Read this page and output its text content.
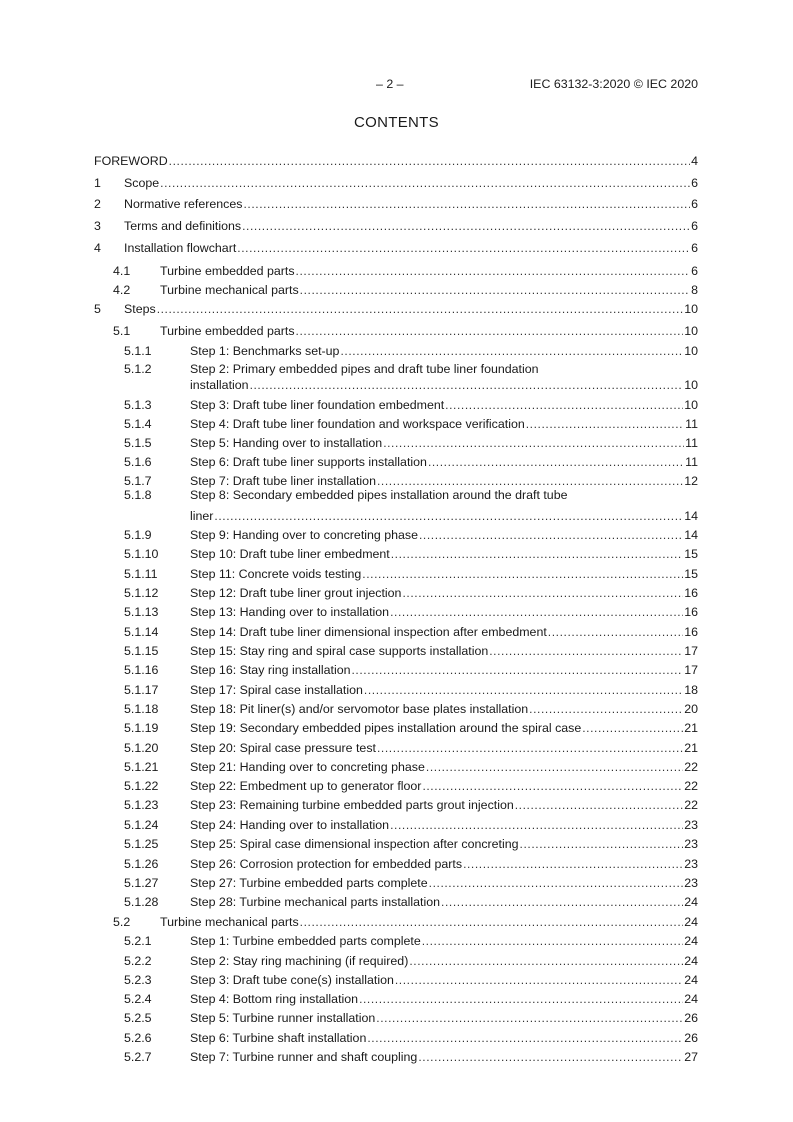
– 2 –	IEC 63132-3:2020 © IEC 2020
CONTENTS
FOREWORD .....	4
1 Scope .....	6
2 Normative references .....	6
3 Terms and definitions .....	6
4 Installation flowchart .....	6
4.1 Turbine embedded parts .....	6
4.2 Turbine mechanical parts .....	8
5 Steps .....	10
5.1 Turbine embedded parts .....	10
5.1.1	Step 1: Benchmarks set-up .....	10
5.1.2	Step 2: Primary embedded pipes and draft tube liner foundation
installation .....	10
5.1.3	Step 3: Draft tube liner foundation embedment .....	10
5.1.4	Step 4: Draft tube liner foundation and workspace verification .....	11
5.1.5	Step 5: Handing over to installation .....	11
5.1.6	Step 6: Draft tube liner supports installation .....	11
5.1.7	Step 7: Draft tube liner installation .....	12
5.1.8	Step 8: Secondary embedded pipes installation around the draft tube
liner .....	14
5.1.9	Step 9: Handing over to concreting phase .....	14
5.1.10	Step 10: Draft tube liner embedment .....	15
5.1.11	Step 11: Concrete voids testing .....	15
5.1.12	Step 12: Draft tube liner grout injection .....	16
5.1.13	Step 13: Handing over to installation .....	16
5.1.14	Step 14: Draft tube liner dimensional inspection after embedment .....	16
5.1.15	Step 15: Stay ring and spiral case supports installation .....	17
5.1.16	Step 16: Stay ring installation .....	17
5.1.17	Step 17: Spiral case installation .....	18
5.1.18	Step 18: Pit liner(s) and/or servomotor base plates installation .....	20
5.1.19	Step 19: Secondary embedded pipes installation around the spiral case .....	21
5.1.20	Step 20: Spiral case pressure test .....	21
5.1.21	Step 21: Handing over to concreting phase .....	22
5.1.22	Step 22: Embedment up to generator floor .....	22
5.1.23	Step 23: Remaining turbine embedded parts grout injection .....	22
5.1.24	Step 24: Handing over to installation .....	23
5.1.25	Step 25: Spiral case dimensional inspection after concreting .....	23
5.1.26	Step 26: Corrosion protection for embedded parts .....	23
5.1.27	Step 27: Turbine embedded parts complete .....	23
5.1.28	Step 28: Turbine mechanical parts installation .....	24
5.2 Turbine mechanical parts .....	24
5.2.1	Step 1: Turbine embedded parts complete .....	24
5.2.2	Step 2: Stay ring machining (if required) .....	24
5.2.3	Step 3: Draft tube cone(s) installation .....	24
5.2.4	Step 4: Bottom ring installation .....	24
5.2.5	Step 5: Turbine runner installation .....	26
5.2.6	Step 6: Turbine shaft installation .....	26
5.2.7	Step 7: Turbine runner and shaft coupling .....	27
